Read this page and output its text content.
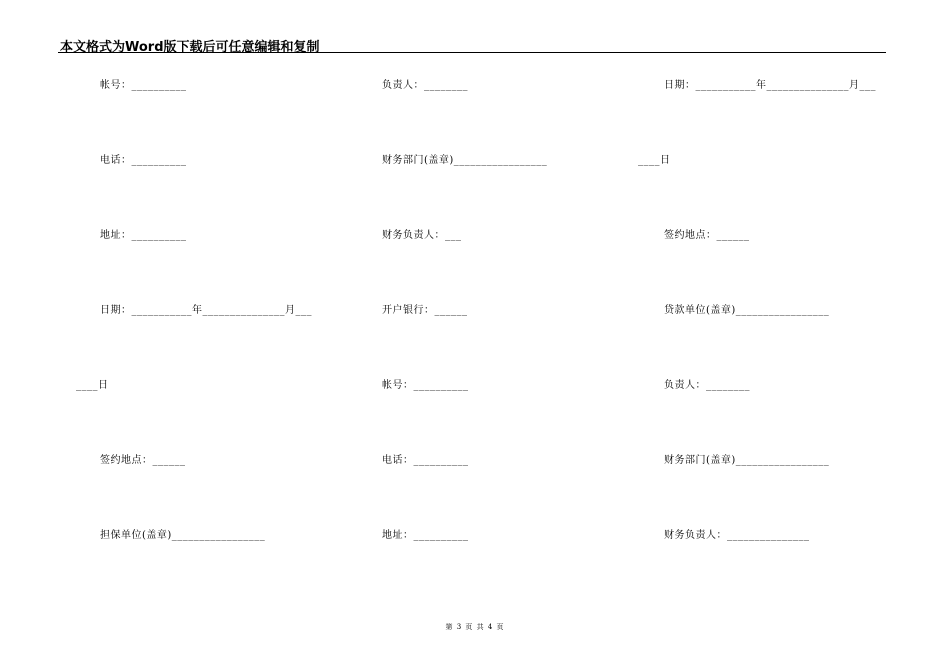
本文格式为Word版下载后可任意编辑和复制
帐号：__________	负责人：________	日期：___________年_______________月___
电话：__________	财务部门(盖章)_________________	____日
地址：__________	财务负责人：___	签约地点：______
日期：___________年_______________月___	开户银行：______	贷款单位(盖章)_________________
____日	帐号：__________	负责人：________
签约地点：______	电话：__________	财务部门(盖章)_________________
担保单位(盖章)_________________	地址：__________	财务负责人：_______________
第 3 页 共 4 页
